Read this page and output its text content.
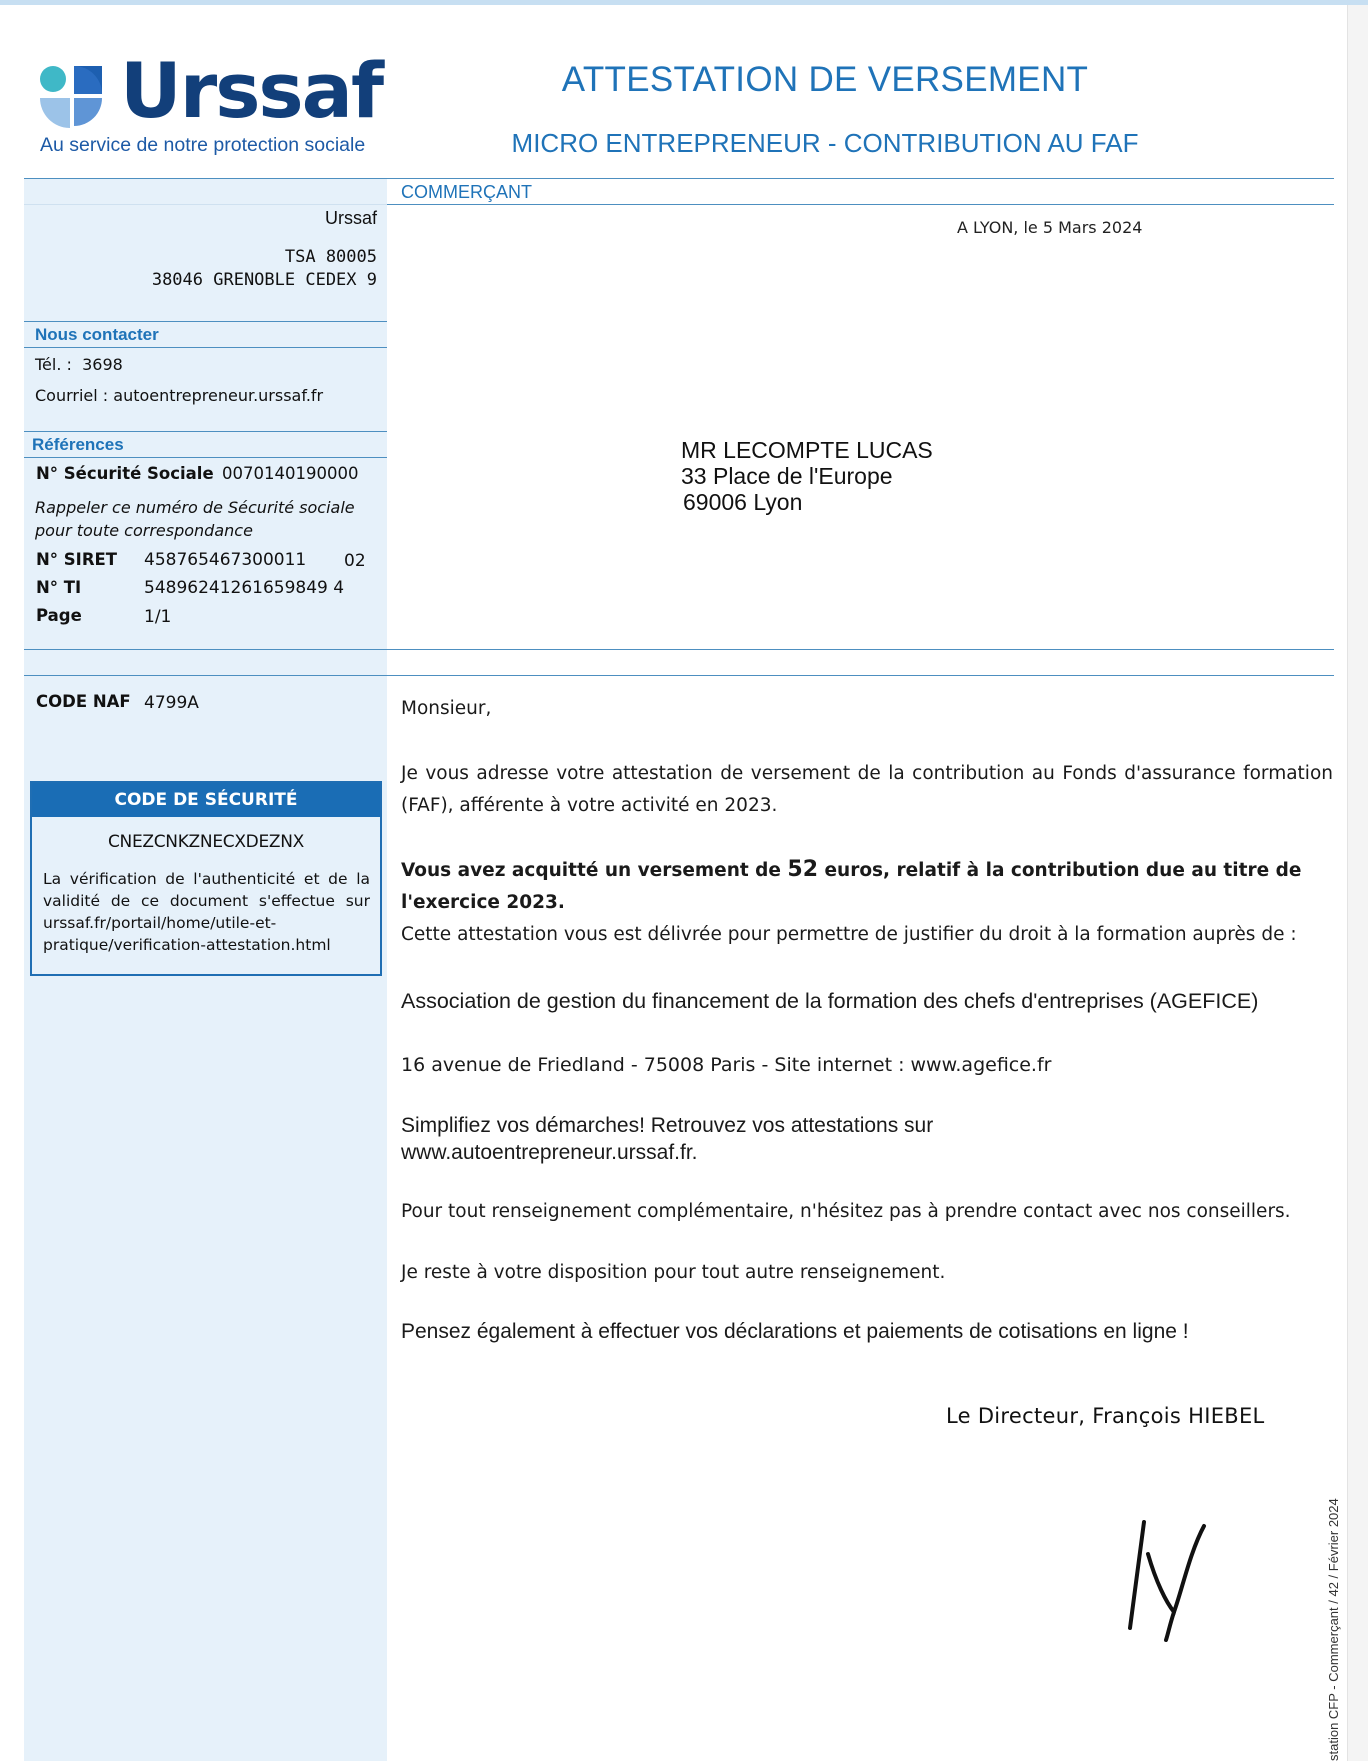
Urssaf
Au service de notre protection sociale
ATTESTATION DE VERSEMENT
MICRO ENTREPRENEUR - CONTRIBUTION AU FAF
COMMERÇANT
A LYON, le 5 Mars 2024
Urssaf
TSA 80005
38046 GRENOBLE CEDEX 9
Nous contacter
Tél. : 3698
Courriel : autoentrepreneur.urssaf.fr
Références
N° Sécurité Sociale 0070140190000
Rappeler ce numéro de Sécurité sociale
pour toute correspondance
N° SIRET 458765467300011 02
N° TI	54896241261659849 4
Page	1/1
CODE NAF 4799A
CODE DE SÉCURITÉ
CNEZCNKZNECXDEZNX
La vérification de l'authenticité et de la validité de ce document s'effectue sur urssaf.fr/portail/home/utile-et-pratique/verification-attestation.html
MR LECOMPTE LUCAS
33 Place de l'Europe
69006 Lyon
Monsieur,
Je vous adresse votre attestation de versement de la contribution au Fonds d'assurance formation (FAF), afférente à votre activité en 2023.
Vous avez acquitté un versement de 52 euros, relatif à la contribution due au titre de l'exercice 2023.
Cette attestation vous est délivrée pour permettre de justifier du droit à la formation auprès de :
Association de gestion du financement de la formation des chefs d'entreprises (AGEFICE)
16 avenue de Friedland - 75008 Paris - Site internet : www.agefice.fr
Simplifiez vos démarches! Retrouvez vos attestations sur
www.autoentrepreneur.urssaf.fr.
Pour tout renseignement complémentaire, n'hésitez pas à prendre contact avec nos conseillers.
Je reste à votre disposition pour tout autre renseignement.
Pensez également à effectuer vos déclarations et paiements de cotisations en ligne !
Le Directeur, François HIEBEL
station CFP - Commerçant / 42 / Février 2024
